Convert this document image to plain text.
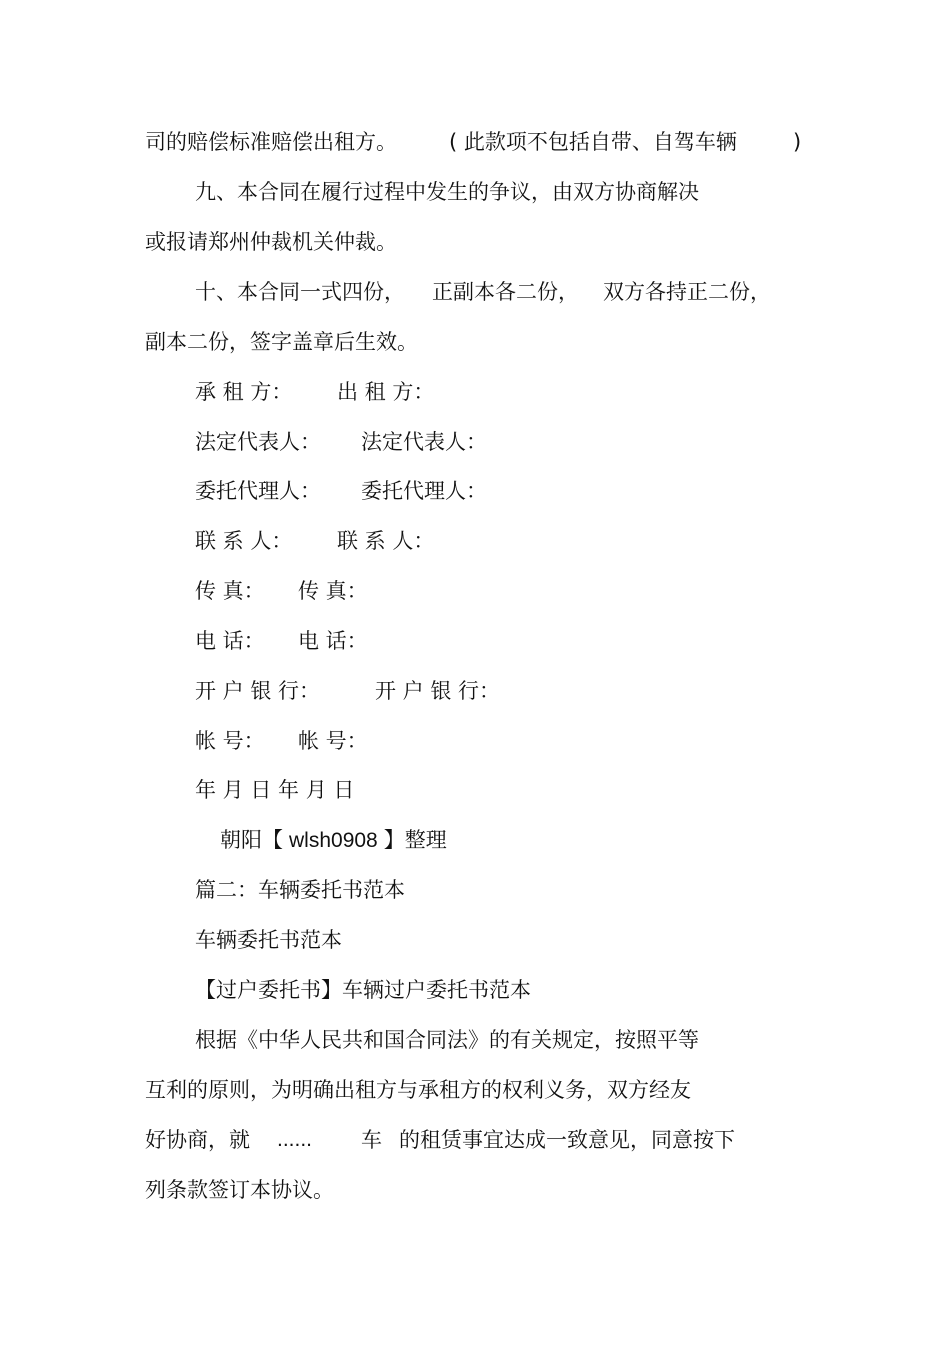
司的赔偿标准赔偿出租方。 ( 此款项不包括自带、自驾车辆	)
九、本合同在履行过程中发生的争议，由双方协商解决
或报请郑州仲裁机关仲裁。
十、本合同一式四份， 正副本各二份， 双方各持正二份，
副本二份，签字盖章后生效。
承 租 方： 出 租 方：
法定代表人： 法定代表人：
委托代理人： 委托代理人：
联 系 人： 联 系 人：
传 真： 传 真：
电 话： 电 话：
开 户 银 行：	开 户 银 行：
帐 号： 帐 号：
年 月 日 年 月 日
朝阳【 wlsh0908 】整理
篇二：车辆委托书范本
车辆委托书范本
【过户委托书】车辆过户委托书范本
根据《中华人民共和国合同法》的有关规定，按照平等
互利的原则，为明确出租方与承租方的权利义务，双方经友
好协商，就 ...... 车 的租赁事宜达成一致意见，同意按下
列条款签订本协议。
